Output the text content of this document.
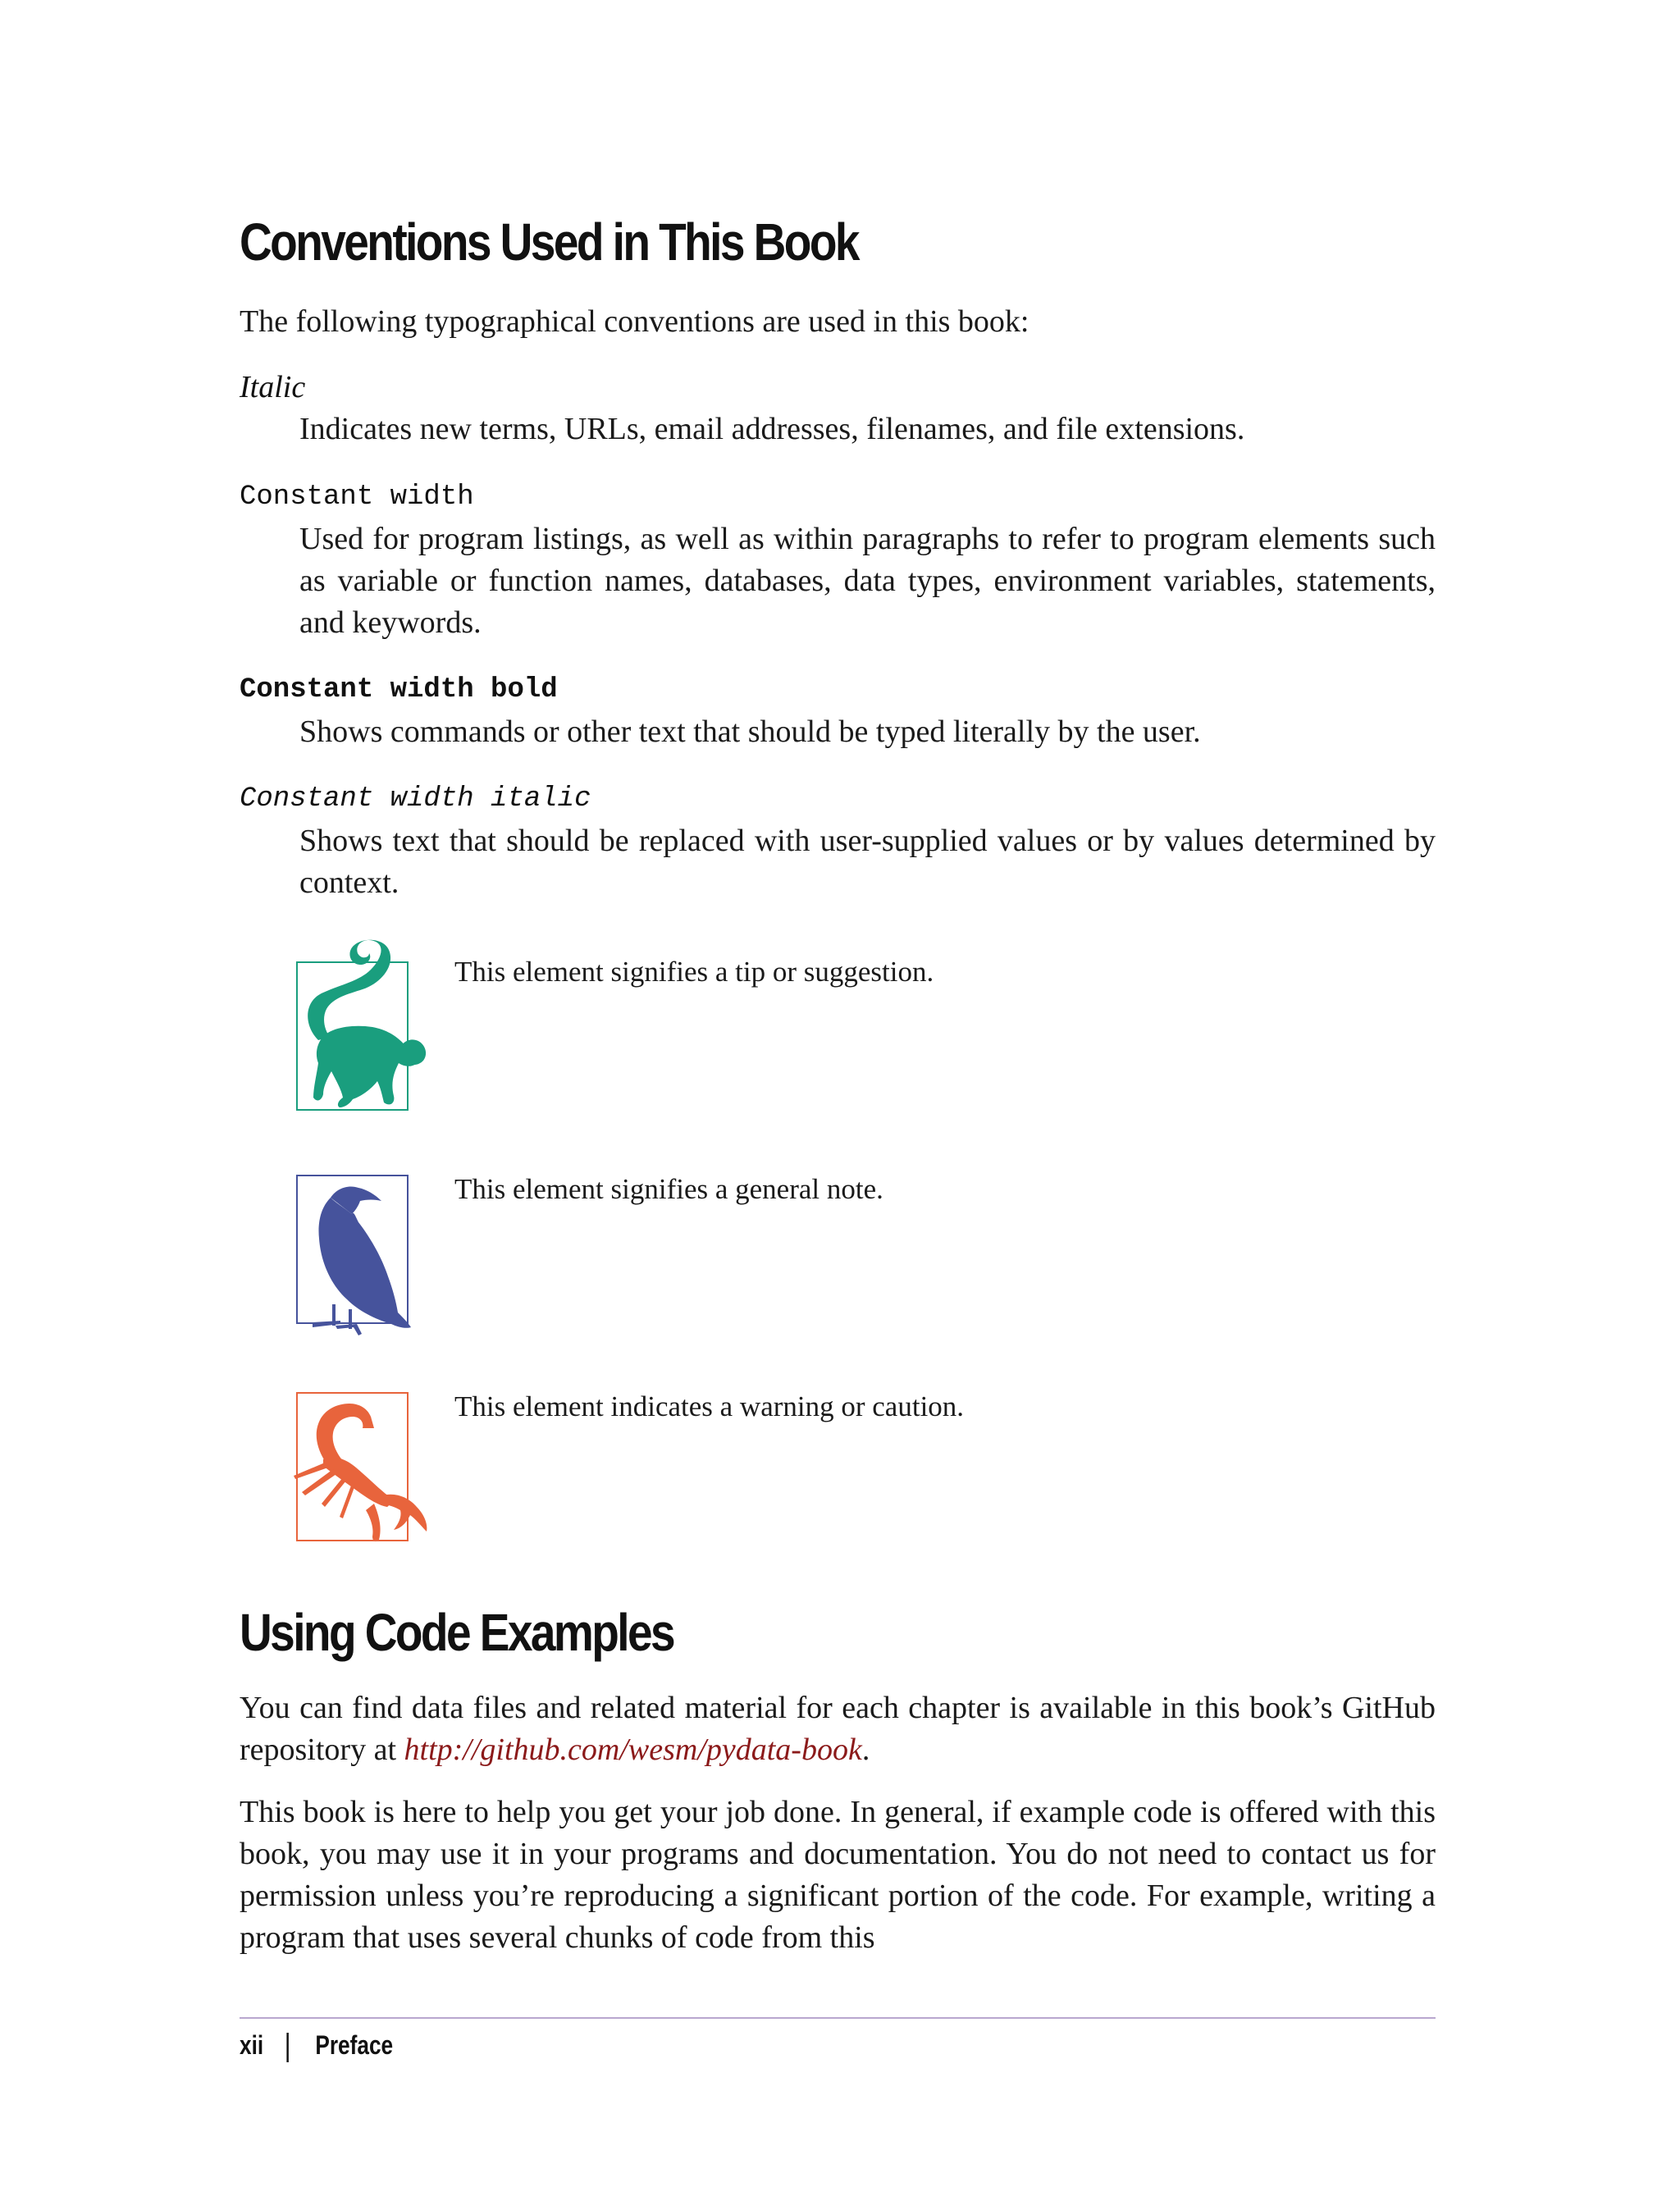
Conventions Used in This Book

The following typographical conventions are used in this book:

Italic

Indicates new terms, URLs, email addresses, filenames, and file extensions.

Constant width

Used for program listings, as well as within paragraphs to refer to program elements such as variable or function names, databases, data types, environment variables, statements, and keywords.

Constant width bold

Shows commands or other text that should be typed literally by the user.

Constant width italic

Shows text that should be replaced with user-supplied values or by values determined by context.

This element signifies a tip or suggestion.

This element signifies a general note.

This element indicates a warning or caution.

Using Code Examples

You can find data files and related material for each chapter is available in this book’s GitHub repository at http://github.com/wesm/pydata-book.

This book is here to help you get your job done. In general, if example code is offered with this book, you may use it in your programs and documentation. You do not need to contact us for permission unless you’re reproducing a significant portion of the code. For example, writing a program that uses several chunks of code from this

xii Preface
